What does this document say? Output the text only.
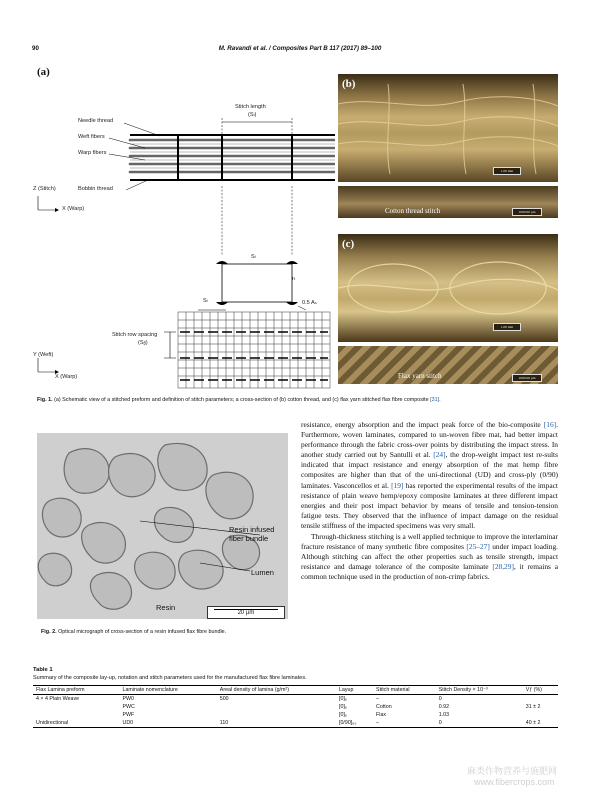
90	M. Ravandi et al. / Composites Part B 117 (2017) 89–100
(a)
Stitch length
(Sₗ)
Needle thread
Weft fibers
Warp fibers
Bobbin thread
Z (Stitch)
X (Warp)
Sₗ
rₜ
0.5 Aₛ
Sₗ
Stitch row spacing
(Sᵦ)
Y (Weft)
X (Warp)
(b)
1.00 mm
Cotton thread stitch	1000.00 µm
(c)
1.00 mm
Flax yarn stitch	1000.00 µm
Fig. 1. (a) Schematic view of a stitched preform and definition of stitch parameters; a cross-section of (b) cotton thread, and (c) flax yarn stitched flax fibre composite [31].
Resin infused
fiber bundle
Lumen
Resin
20 µm
Fig. 2. Optical micrograph of cross-section of a resin infused flax fibre bundle.

resistance, energy absorption and the impact peak force of the bio-composite [16]. Furthermore, woven laminates, compared to un-woven fibre mat, had better impact performance through the fabric cross-over points by distributing the impact stress. In another study carried out by Santulli et al. [24], the drop-weight impact test re-sults indicated that impact resistance and energy absorption of the mat hemp fibre composites are higher than that of the uni-directional (UD) and cross-ply (0/90) laminates. Vasconcellos et al. [19] has reported the experimental results of the impact resistance of plain weave hemp/epoxy composite laminates at three different impact energies and their post impact behavior by means of tensile and tension-tension fatigue tests. They observed that the influence of impact damage on the residual tensile stiffness of the impacted specimens was very small.

Through-thickness stitching is a well applied technique to improve the interlaminar fracture resistance of many synthetic fibre composites [25–27] under impact loading. Although stitching can affect the other properties such as tensile strength, impact resistance and damage tolerance of the composite laminate [28,29], it remains a common technique used in the production of non-crimp fabrics.

Table 1
Summary of the composite lay-up, notation and stitch parameters used for the manufactured flax fibre laminates.
Flax Lamina preform	Laminate nomenclature	Areal density of lamina (g/m²)	Layup	Stitch material	Stitch Density × 10⁻³	Vƒ (%)
4 × 4 Plain Weave	PW0	500	[0]₆	–	0	
	PWC		[0]₆	Cotton	0.92	31 ± 2
	PWF		[0]₆	Flax	1.03	
Unidirectional	UD0	110	[0/90]₆ₛ	–	0	40 ± 2
麻类作物营养与施肥网
www.fibercrops.com
